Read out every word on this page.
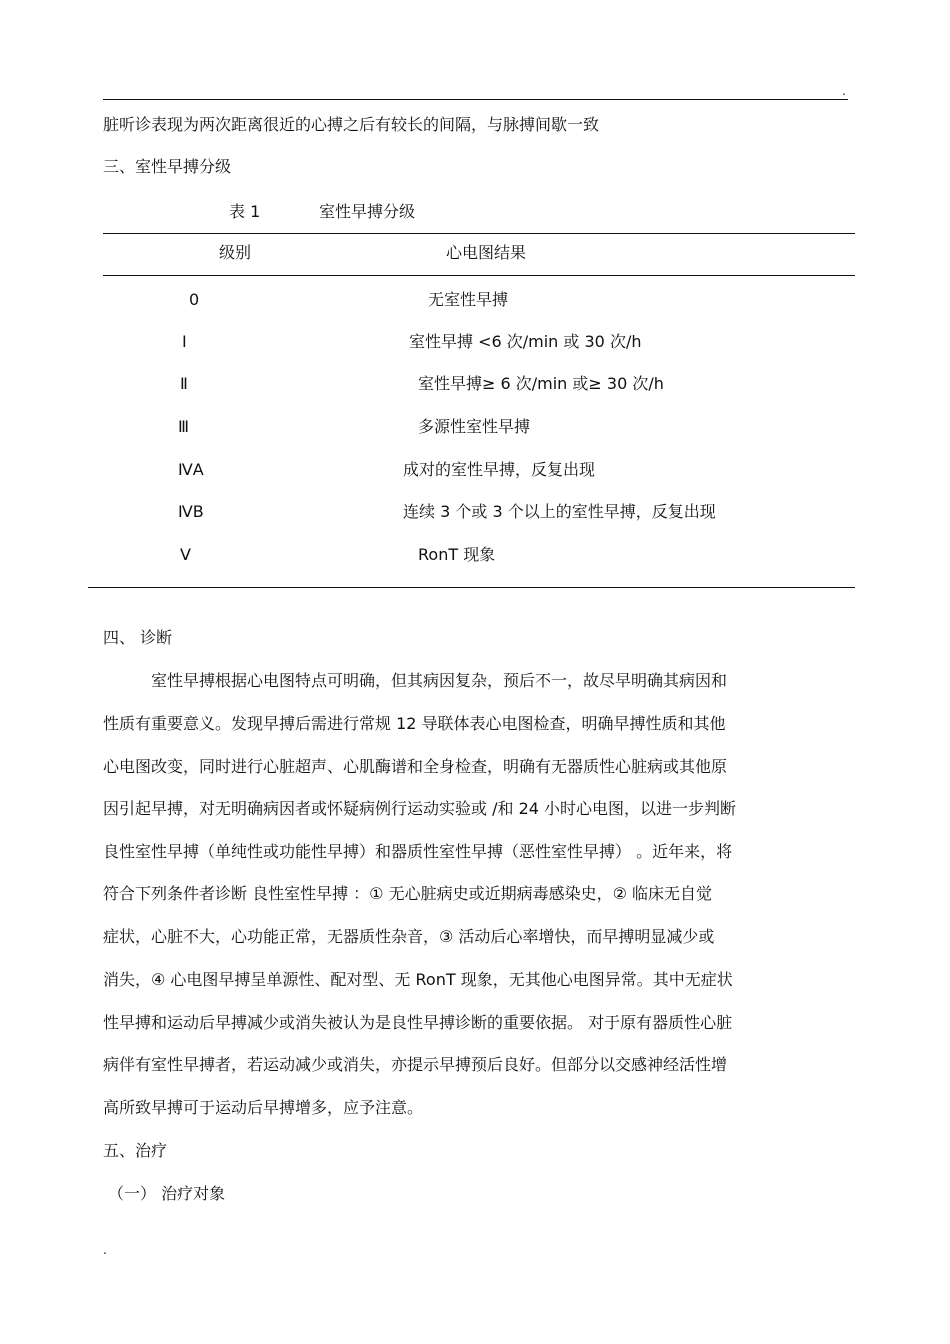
.
脏听诊表现为两次距离很近的心搏之后有较长的间隔，与脉搏间歇一致
三、室性早搏分级
表 1	室性早搏分级
级别	心电图结果
0	无室性早搏
Ⅰ	室性早搏 <6 次/min 或 30 次/h
Ⅱ	室性早搏≥ 6 次/min 或≥ 30 次/h
Ⅲ	多源性室性早搏
ⅣA	成对的室性早搏，反复出现
ⅣB	连续 3 个或 3 个以上的室性早搏，反复出现
Ⅴ	RonT 现象
四、 诊断
室性早搏根据心电图特点可明确，但其病因复杂，预后不一，故尽早明确其病因和
性质有重要意义。发现早搏后需进行常规 12 导联体表心电图检查，明确早搏性质和其他
心电图改变，同时进行心脏超声、心肌酶谱和全身检查，明确有无器质性心脏病或其他原
因引起早搏，对无明确病因者或怀疑病例行运动实验或 /和 24 小时心电图，以进一步判断
良性室性早搏（单纯性或功能性早搏）和器质性室性早搏（恶性室性早搏） 。近年来，将
符合下列条件者诊断 良性室性早搏 ：① 无心脏病史或近期病毒感染史，② 临床无自觉
症状，心脏不大，心功能正常，无器质性杂音，③ 活动后心率增快，而早搏明显减少或
消失，④ 心电图早搏呈单源性、配对型、无 RonT 现象，无其他心电图异常。其中无症状
性早搏和运动后早搏减少或消失被认为是良性早搏诊断的重要依据。 对于原有器质性心脏
病伴有室性早搏者，若运动减少或消失，亦提示早搏预后良好。但部分以交感神经活性增
高所致早搏可于运动后早搏增多，应予注意。
五、治疗
（一） 治疗对象
.
